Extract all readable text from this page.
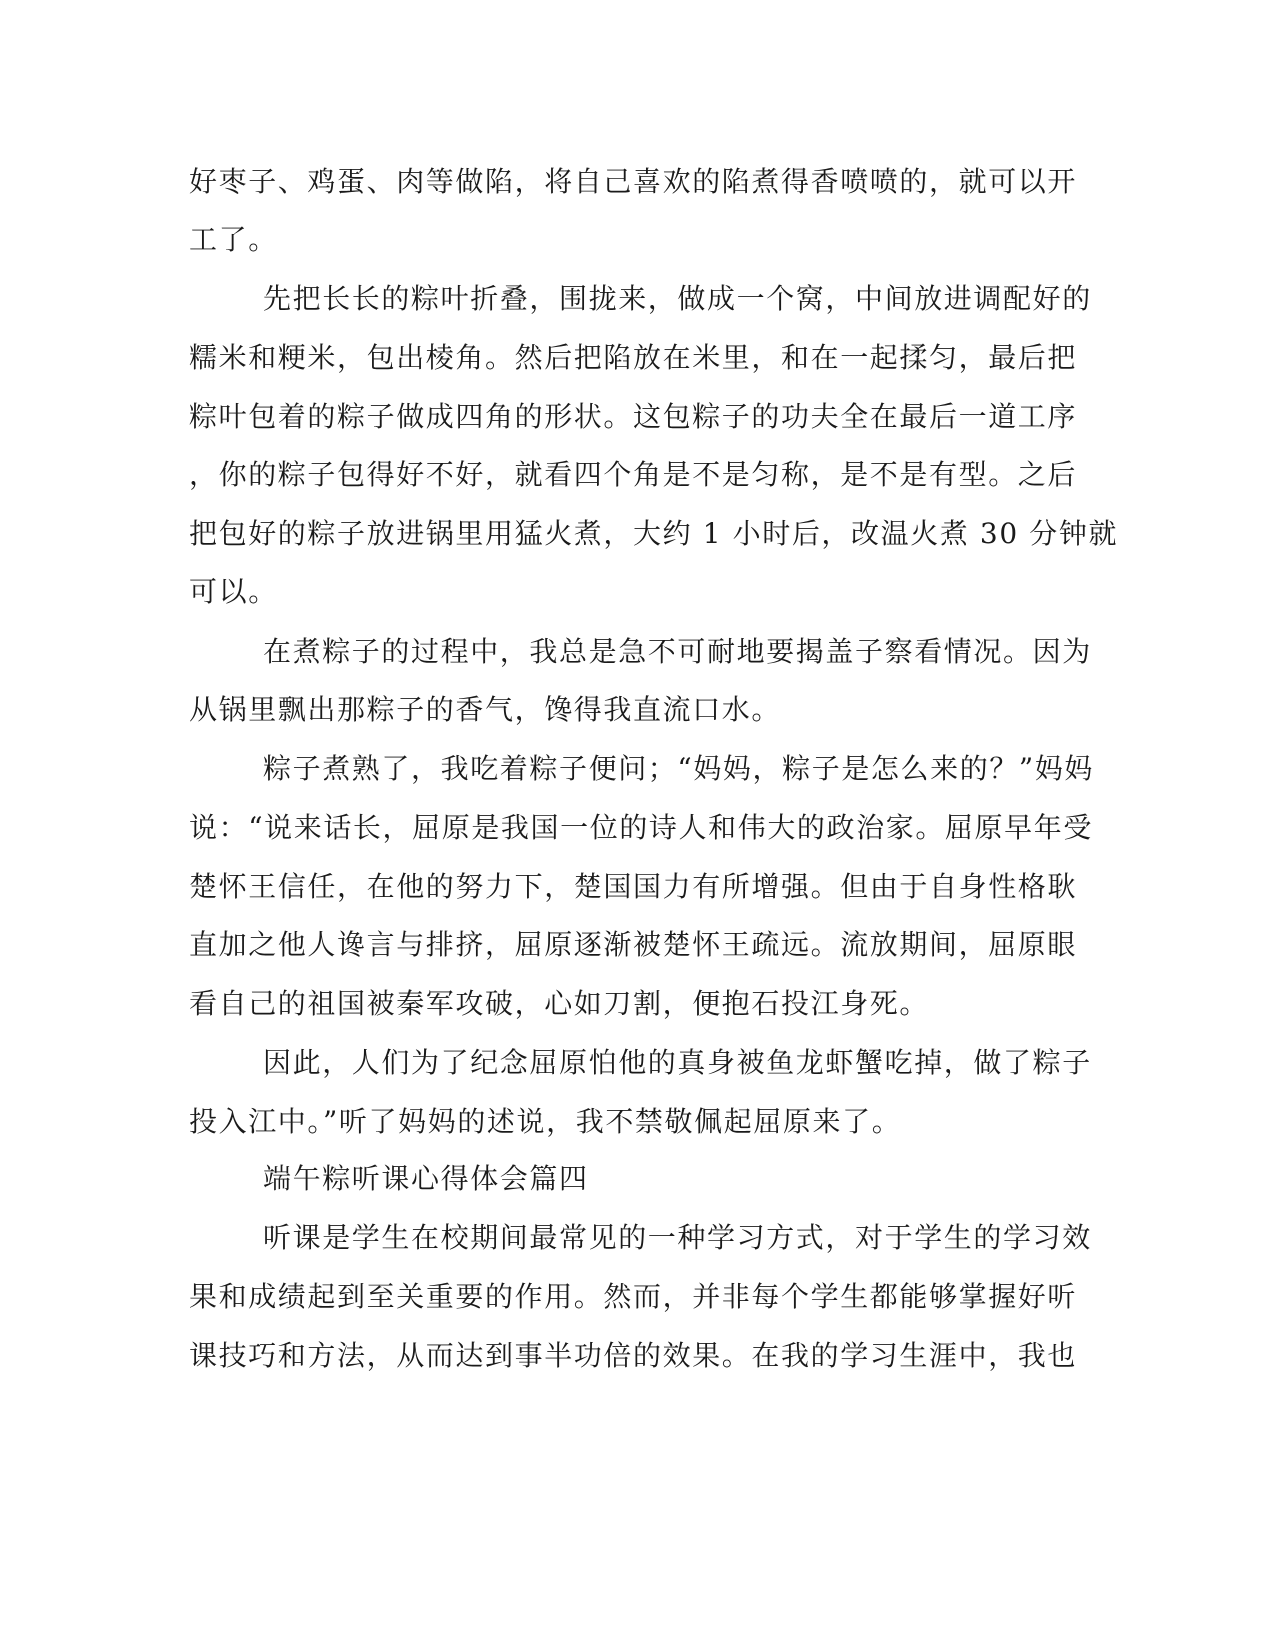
好枣子、鸡蛋、肉等做陷，将自己喜欢的陷煮得香喷喷的，就可以开
工了。
先把长长的粽叶折叠，围拢来，做成一个窝，中间放进调配好的
糯米和粳米，包出棱角。然后把陷放在米里，和在一起揉匀，最后把
粽叶包着的粽子做成四角的形状。这包粽子的功夫全在最后一道工序
，你的粽子包得好不好，就看四个角是不是匀称，是不是有型。之后
把包好的粽子放进锅里用猛火煮，大约 1 小时后，改温火煮 30 分钟就
可以。
在煮粽子的过程中，我总是急不可耐地要揭盖子察看情况。因为
从锅里飘出那粽子的香气，馋得我直流口水。
粽子煮熟了，我吃着粽子便问；“妈妈，粽子是怎么来的？”妈妈
说：“说来话长，屈原是我国一位的诗人和伟大的政治家。屈原早年受
楚怀王信任，在他的努力下，楚国国力有所增强。但由于自身性格耿
直加之他人谗言与排挤，屈原逐渐被楚怀王疏远。流放期间，屈原眼
看自己的祖国被秦军攻破，心如刀割，便抱石投江身死。
因此，人们为了纪念屈原怕他的真身被鱼龙虾蟹吃掉，做了粽子
投入江中。”听了妈妈的述说，我不禁敬佩起屈原来了。
端午粽听课心得体会篇四
听课是学生在校期间最常见的一种学习方式，对于学生的学习效
果和成绩起到至关重要的作用。然而，并非每个学生都能够掌握好听
课技巧和方法，从而达到事半功倍的效果。在我的学习生涯中，我也
